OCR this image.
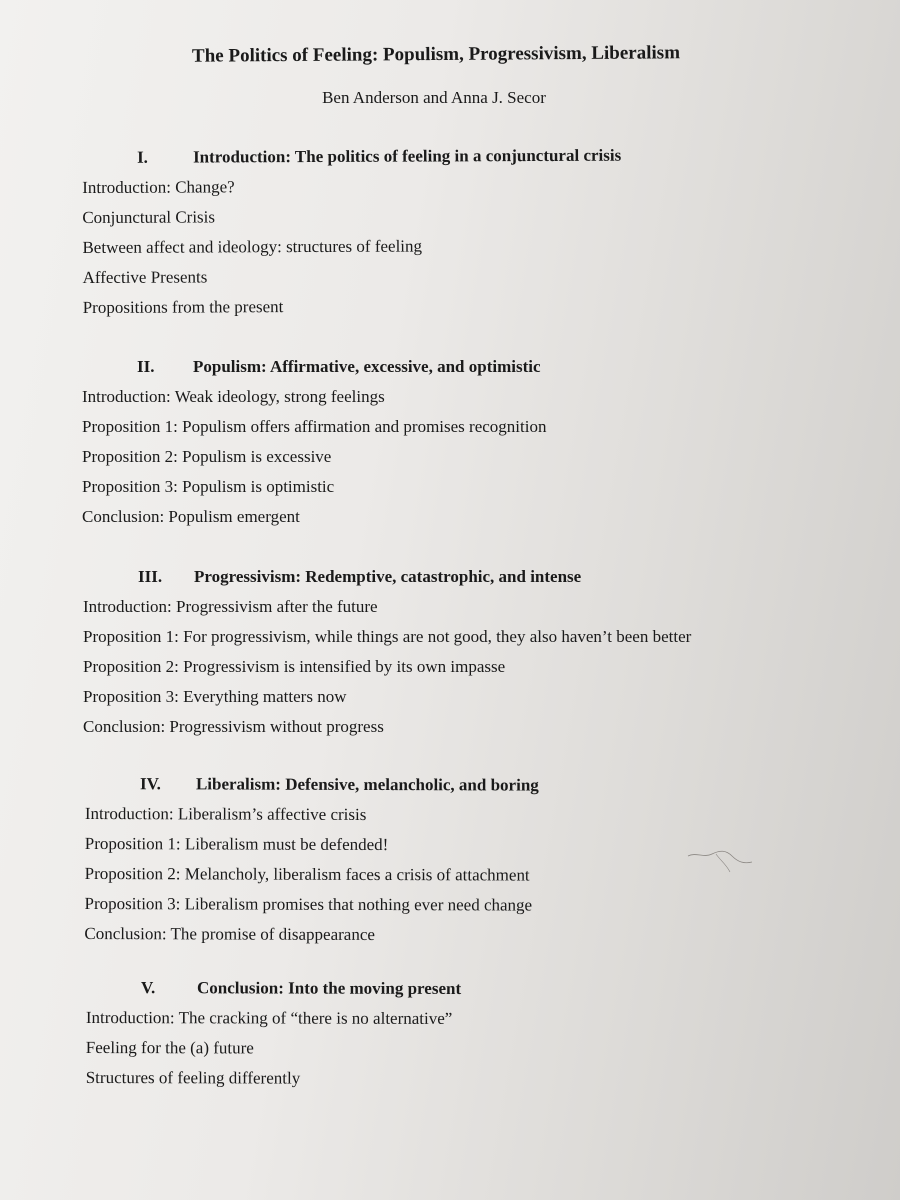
The Politics of Feeling: Populism, Progressivism, Liberalism
Ben Anderson and Anna J. Secor
I.	Introduction: The politics of feeling in a conjunctural crisis
Introduction: Change?
Conjunctural Crisis
Between affect and ideology: structures of feeling
Affective Presents
Propositions from the present
II. Populism: Affirmative, excessive, and optimistic
Introduction: Weak ideology, strong feelings
Proposition 1: Populism offers affirmation and promises recognition
Proposition 2: Populism is excessive
Proposition 3: Populism is optimistic
Conclusion: Populism emergent
III. Progressivism: Redemptive, catastrophic, and intense
Introduction: Progressivism after the future
Proposition 1: For progressivism, while things are not good, they also haven’t been better
Proposition 2: Progressivism is intensified by its own impasse
Proposition 3: Everything matters now
Conclusion: Progressivism without progress
IV. Liberalism: Defensive, melancholic, and boring
Introduction: Liberalism’s affective crisis
Proposition 1: Liberalism must be defended!
Proposition 2: Melancholy, liberalism faces a crisis of attachment
Proposition 3: Liberalism promises that nothing ever need change
Conclusion: The promise of disappearance
V. Conclusion: Into the moving present
Introduction: The cracking of “there is no alternative”
Feeling for the (a) future
Structures of feeling differently
